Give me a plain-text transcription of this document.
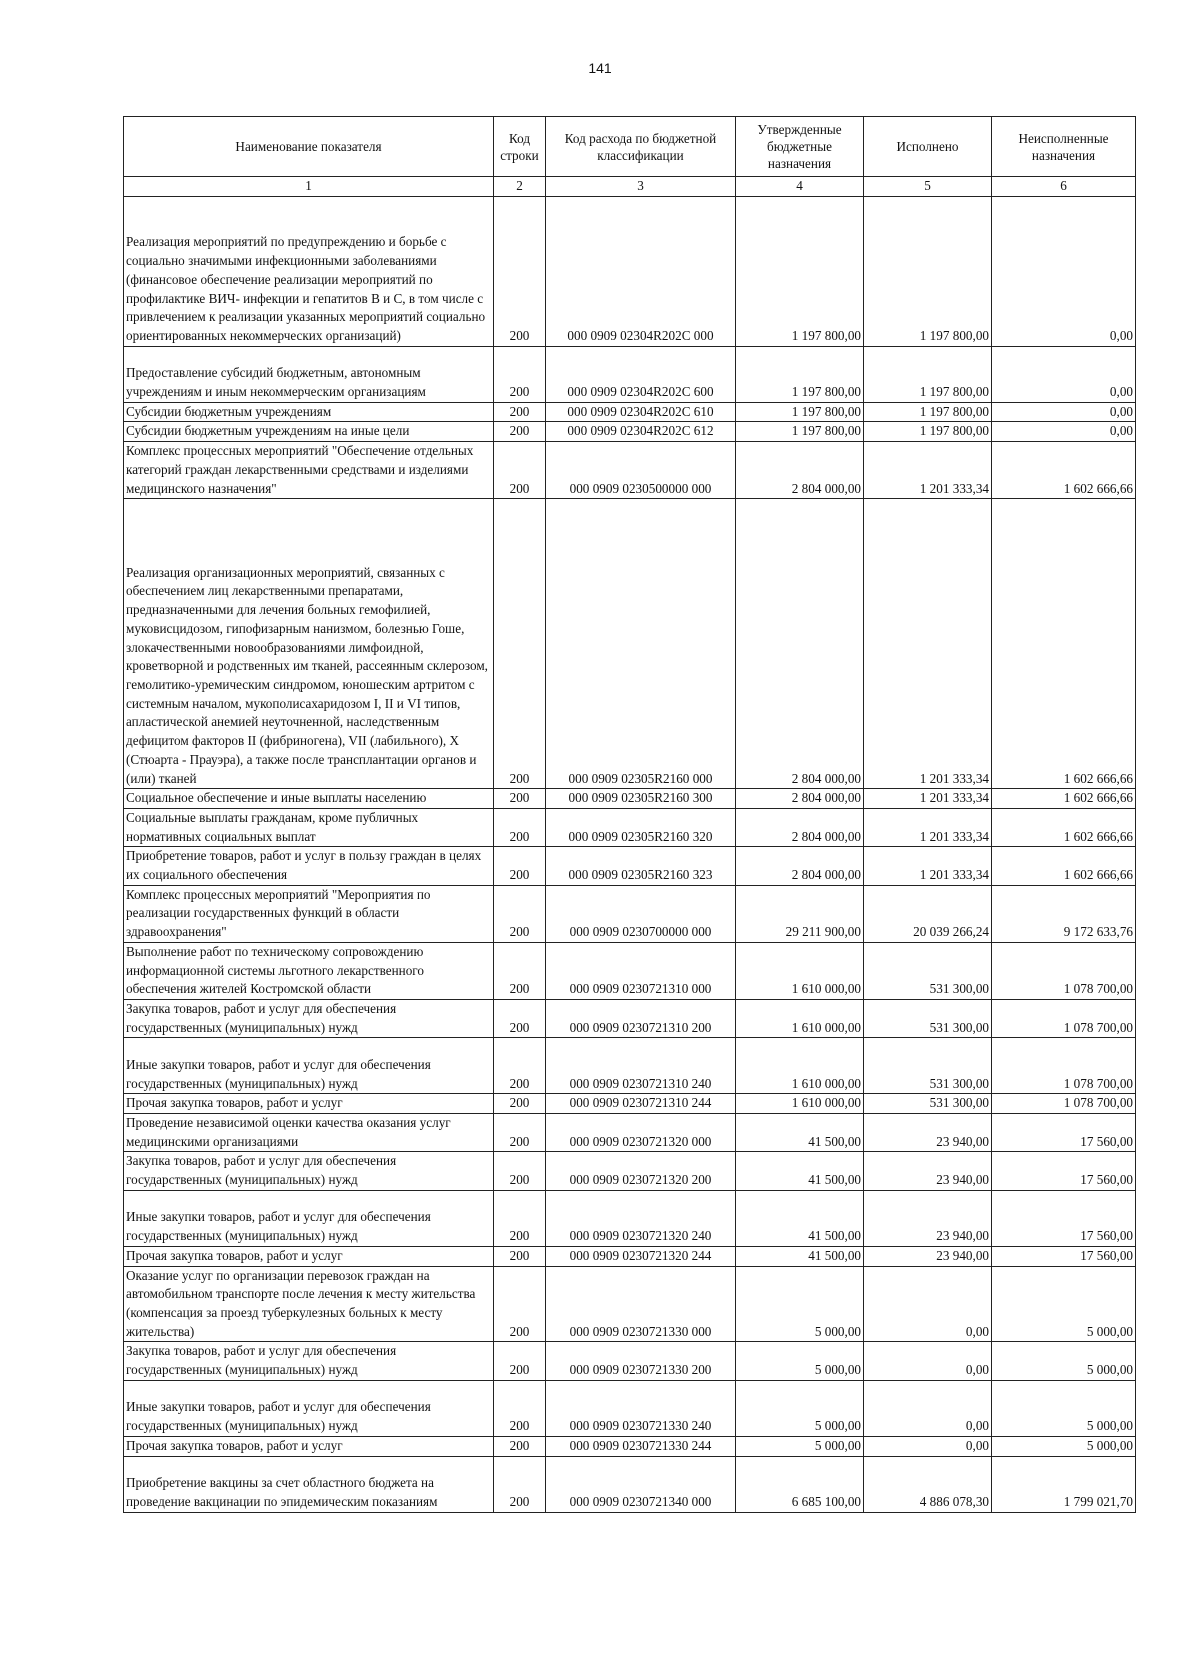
141
Наименование показателя	Код строки	Код расхода по бюджетной классификации	Утвержденные бюджетные назначения	Исполнено	Неисполненные назначения
1	2	3	4	5	6
Реализация мероприятий по предупреждению и борьбе с социально значимыми инфекционными заболеваниями (финансовое обеспечение реализации мероприятий по профилактике ВИЧ- инфекции и гепатитов В и С, в том числе с привлечением к реализации указанных мероприятий социально ориентированных некоммерческих организаций)	200	000 0909 02304R202C 000	1 197 800,00	1 197 800,00	0,00
Предоставление субсидий бюджетным, автономным учреждениям и иным некоммерческим организациям	200	000 0909 02304R202C 600	1 197 800,00	1 197 800,00	0,00
Субсидии бюджетным учреждениям	200	000 0909 02304R202C 610	1 197 800,00	1 197 800,00	0,00
Субсидии бюджетным учреждениям на иные цели	200	000 0909 02304R202C 612	1 197 800,00	1 197 800,00	0,00
Комплекс процессных мероприятий "Обеспечение отдельных категорий граждан лекарственными средствами и изделиями медицинского назначения"	200	000 0909 0230500000 000	2 804 000,00	1 201 333,34	1 602 666,66
Реализация организационных мероприятий, связанных с обеспечением лиц лекарственными препаратами, предназначенными для лечения больных гемофилией, муковисцидозом, гипофизарным нанизмом, болезнью Гоше, злокачественными новообразованиями лимфоидной, кроветворной и родственных им тканей, рассеянным склерозом, гемолитико-уремическим синдромом, юношеским артритом с системным началом, мукополисахаридозом I, II и VI типов, апластической анемией неуточненной, наследственным дефицитом факторов II (фибриногена), VII (лабильного), X (Стюарта - Прауэра), а также после трансплантации органов и (или) тканей	200	000 0909 02305R2160 000	2 804 000,00	1 201 333,34	1 602 666,66
Социальное обеспечение и иные выплаты населению	200	000 0909 02305R2160 300	2 804 000,00	1 201 333,34	1 602 666,66
Социальные выплаты гражданам, кроме публичных нормативных социальных выплат	200	000 0909 02305R2160 320	2 804 000,00	1 201 333,34	1 602 666,66
Приобретение товаров, работ и услуг в пользу граждан в целях их социального обеспечения	200	000 0909 02305R2160 323	2 804 000,00	1 201 333,34	1 602 666,66
Комплекс процессных мероприятий "Мероприятия по реализации государственных функций в области здравоохранения"	200	000 0909 0230700000 000	29 211 900,00	20 039 266,24	9 172 633,76
Выполнение работ по техническому сопровождению информационной системы льготного лекарственного обеспечения жителей Костромской области	200	000 0909 0230721310 000	1 610 000,00	531 300,00	1 078 700,00
Закупка товаров, работ и услуг для обеспечения государственных (муниципальных) нужд	200	000 0909 0230721310 200	1 610 000,00	531 300,00	1 078 700,00
Иные закупки товаров, работ и услуг для обеспечения государственных (муниципальных) нужд	200	000 0909 0230721310 240	1 610 000,00	531 300,00	1 078 700,00
Прочая закупка товаров, работ и услуг	200	000 0909 0230721310 244	1 610 000,00	531 300,00	1 078 700,00
Проведение независимой оценки качества оказания услуг медицинскими организациями	200	000 0909 0230721320 000	41 500,00	23 940,00	17 560,00
Закупка товаров, работ и услуг для обеспечения государственных (муниципальных) нужд	200	000 0909 0230721320 200	41 500,00	23 940,00	17 560,00
Иные закупки товаров, работ и услуг для обеспечения государственных (муниципальных) нужд	200	000 0909 0230721320 240	41 500,00	23 940,00	17 560,00
Прочая закупка товаров, работ и услуг	200	000 0909 0230721320 244	41 500,00	23 940,00	17 560,00
Оказание услуг по организации перевозок граждан на автомобильном транспорте после лечения к месту жительства (компенсация за проезд туберкулезных больных к месту жительства)	200	000 0909 0230721330 000	5 000,00	0,00	5 000,00
Закупка товаров, работ и услуг для обеспечения государственных (муниципальных) нужд	200	000 0909 0230721330 200	5 000,00	0,00	5 000,00
Иные закупки товаров, работ и услуг для обеспечения государственных (муниципальных) нужд	200	000 0909 0230721330 240	5 000,00	0,00	5 000,00
Прочая закупка товаров, работ и услуг	200	000 0909 0230721330 244	5 000,00	0,00	5 000,00
Приобретение вакцины за счет областного бюджета на проведение вакцинации по эпидемическим показаниям	200	000 0909 0230721340 000	6 685 100,00	4 886 078,30	1 799 021,70
